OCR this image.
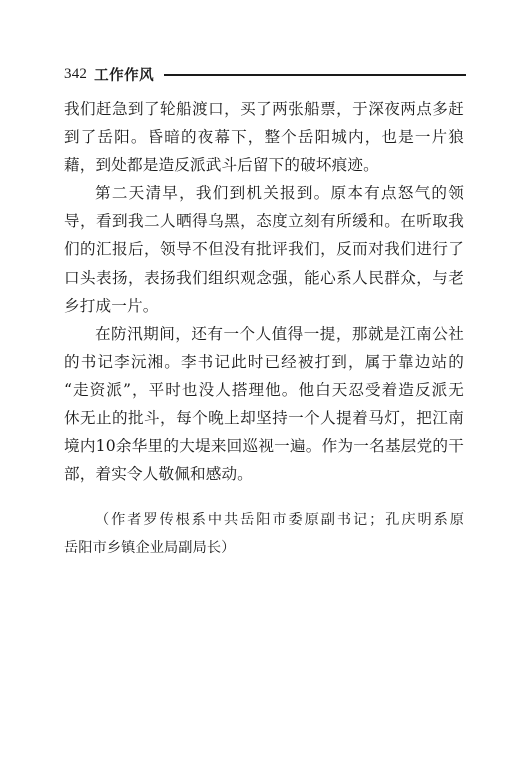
342 工作作风
我们赶急到了轮船渡口，买了两张船票，于深夜两点多赶
到了岳阳。昏暗的夜幕下，整个岳阳城内，也是一片狼
藉，到处都是造反派武斗后留下的破坏痕迹。
第二天清早，我们到机关报到。原本有点怒气的领
导，看到我二人晒得乌黑，态度立刻有所缓和。在听取我
们的汇报后，领导不但没有批评我们，反而对我们进行了
口头表扬，表扬我们组织观念强，能心系人民群众，与老
乡打成一片。
在防汛期间，还有一个人值得一提，那就是江南公社
的书记李沅湘。李书记此时已经被打到，属于靠边站的
“走资派”，平时也没人搭理他。他白天忍受着造反派无
休无止的批斗，每个晚上却坚持一个人提着马灯，把江南
境内10余华里的大堤来回巡视一遍。作为一名基层党的干
部，着实令人敬佩和感动。
（作者罗传根系中共岳阳市委原副书记；孔庆明系原
岳阳市乡镇企业局副局长）
